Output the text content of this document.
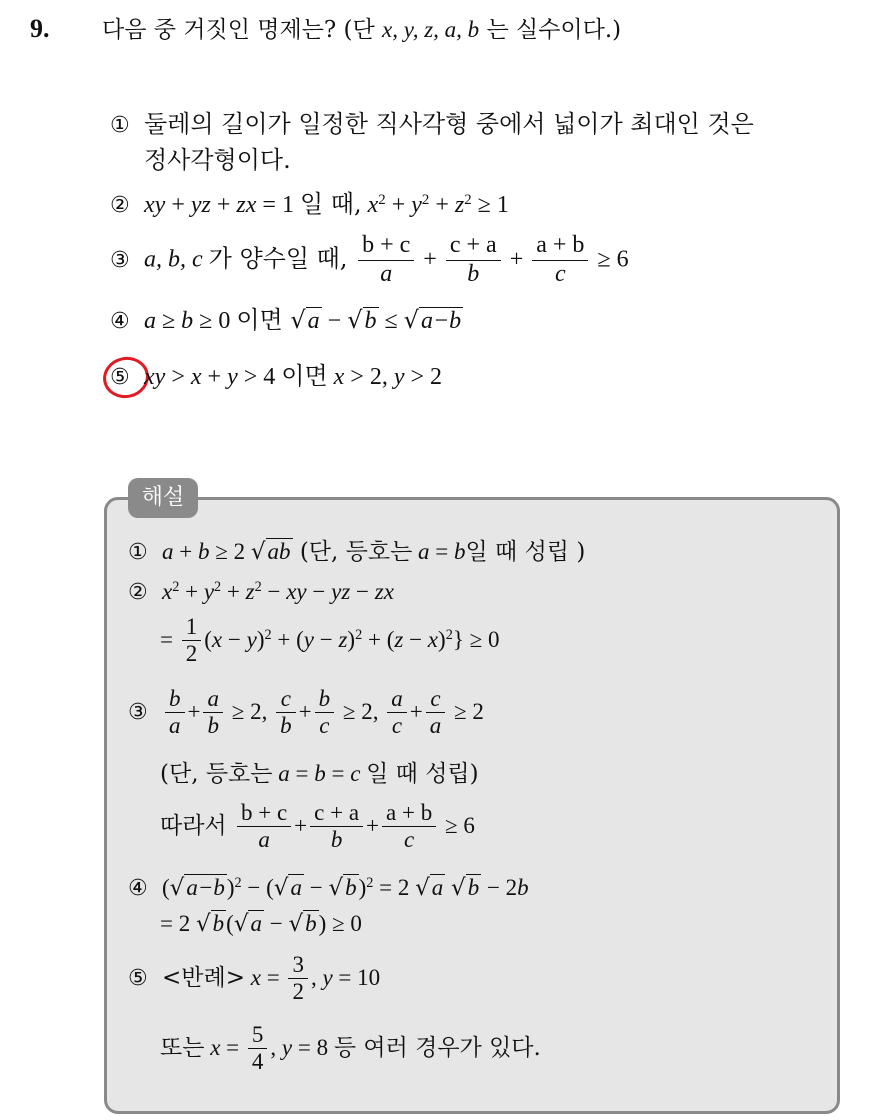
9. 다음 중 거짓인 명제는? (단 x, y, z, a, b 는 실수이다.)
① 둘레의 길이가 일정한 직사각형 중에서 넓이가 최대인 것은
정사각형이다.
② xy + yz + zx = 1 일 때, $x^2 + y^2 + z^2 \ge 1$
③ a, b, c 가 양수일 때, $\frac{b + c}{a} + \frac{c + a}{b} + \frac{a + b}{c} \ge 6$
④ a ≥ b ≥ 0 이면 √a − √b ≤ √a−b
⑤ xy > x + y > 4 이면 x > 2, y > 2
해설
① a + b ≥ 2 √ab (단, 등호는 a = b일 때 성립 )
② $x^2 + y^2 + z^2$ − xy − yz − zx
= $\frac{1}{2} (x - y)^2 + (y - z)^2 + (z - x)^2\} \ge 0$
③ $\frac{b}{a} + \frac{a}{b} \ge 2$, $\frac{c}{b} + \frac{b}{c} \ge 2$, $\frac{a}{c} + \frac{c}{a} \ge 2$
(단, 등호는 a = b = c 일 때 성립)
따라서 $\frac{b + c}{a} + \frac{c + a}{b} + \frac{a + b}{c} \ge 6$
④ $(√a-b)^2 - (√a - √b)^2 = 2$ √a √b − 2b
= 2 √b(√a − √b) ≥ 0
⑤ <반례> $x = \frac{3}{2}$ , y = 10
또는 $x = \frac{5}{4}$ , y = 8 등 여러 경우가 있다.
